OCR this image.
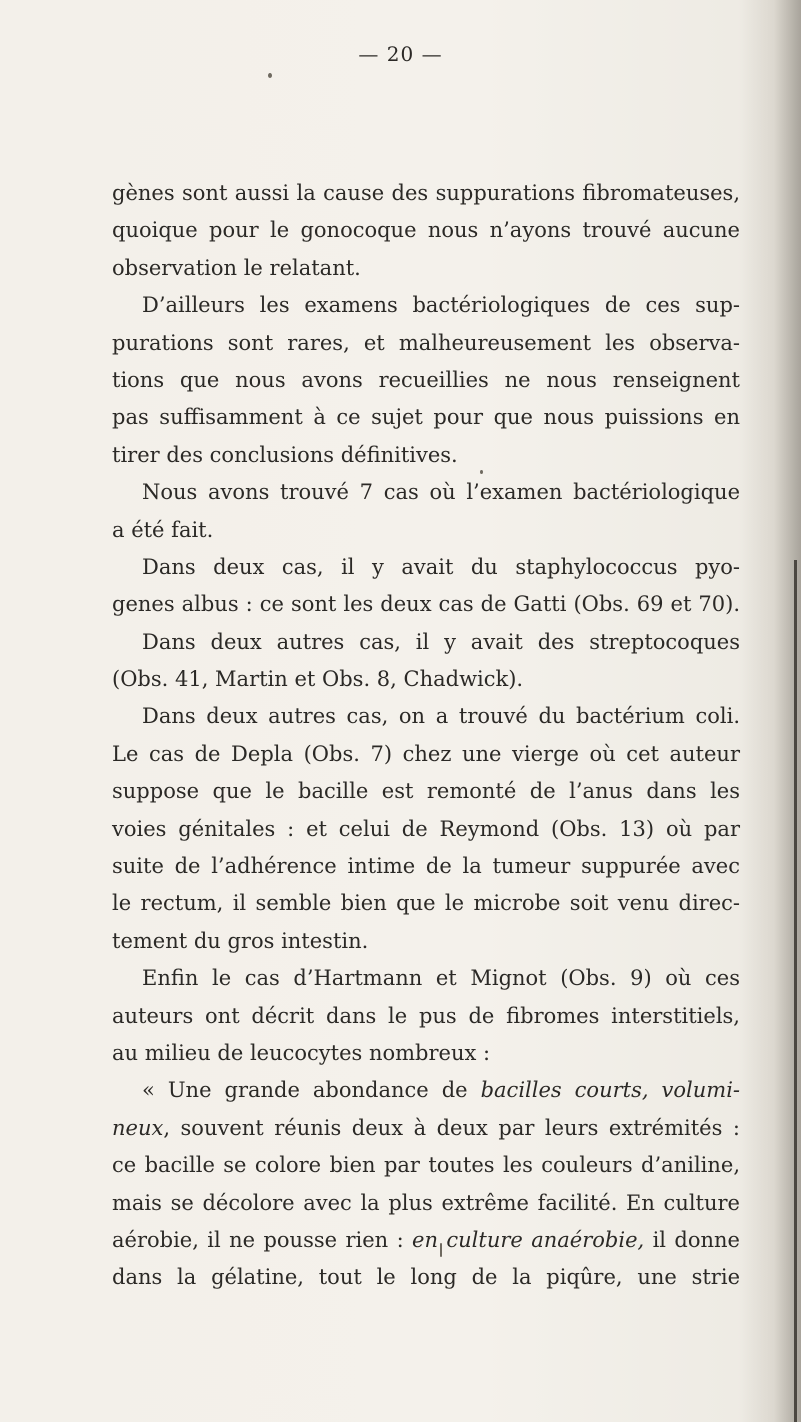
— 20 —
gènes sont aussi la cause des suppurations fibromateuses,
quoique pour le gonocoque nous n’ayons trouvé aucune
observation le relatant.
D’ailleurs les examens bactériologiques de ces sup-
purations sont rares, et malheureusement les observa-
tions que nous avons recueillies ne nous renseignent
pas suffisamment à ce sujet pour que nous puissions en
tirer des conclusions définitives.
Nous avons trouvé 7 cas où l’examen bactériologique
a été fait.
Dans deux cas, il y avait du staphylococcus pyo-
genes albus : ce sont les deux cas de Gatti (Obs. 69 et 70).
Dans deux autres cas, il y avait des streptocoques
(Obs. 41, Martin et Obs. 8, Chadwick).
Dans deux autres cas, on a trouvé du bactérium coli.
Le cas de Depla (Obs. 7) chez une vierge où cet auteur
suppose que le bacille est remonté de l’anus dans les
voies génitales : et celui de Reymond (Obs. 13) où par
suite de l’adhérence intime de la tumeur suppurée avec
le rectum, il semble bien que le microbe soit venu direc-
tement du gros intestin.
Enfin le cas d’Hartmann et Mignot (Obs. 9) où ces
auteurs ont décrit dans le pus de fibromes interstitiels,
au milieu de leucocytes nombreux :
« Une grande abondance de bacilles courts, volumi-
neux, souvent réunis deux à deux par leurs extrémités :
ce bacille se colore bien par toutes les couleurs d’aniline,
mais se décolore avec la plus extrême facilité. En culture
aérobie, il ne pousse rien : en culture anaérobie, il donne
dans la gélatine, tout le long de la piqûre, une strie
